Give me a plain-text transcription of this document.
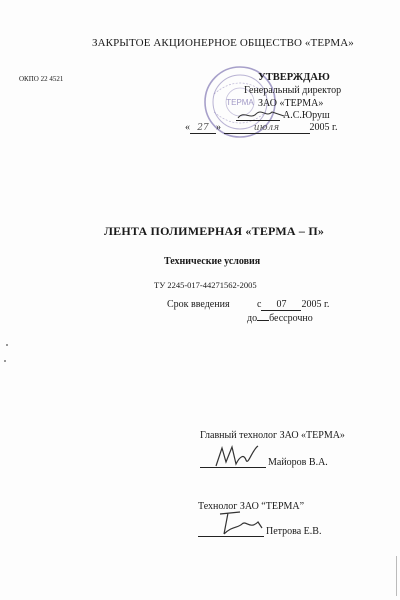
ЗАКРЫТОЕ АКЦИОНЕРНОЕ ОБЩЕСТВО «ТЕРМА»
ОКПО 22 4521
ТЕРМА
УТВЕРЖДАЮ
Генеральный директор
ЗАО «ТЕРМА»
А.С.Юруш
« 27 »	июля	2005 г.
ЛЕНТА ПОЛИМЕРНАЯ «ТЕРМА – П»
Технические условия
ТУ 2245-017-44271562-2005
Срок введения	с 07 2005 г.
до бессрочно
Главный технолог ЗАО «ТЕРМА»
Майоров В.А.
Технолог ЗАО “ТЕРМА”
Петрова Е.В.
